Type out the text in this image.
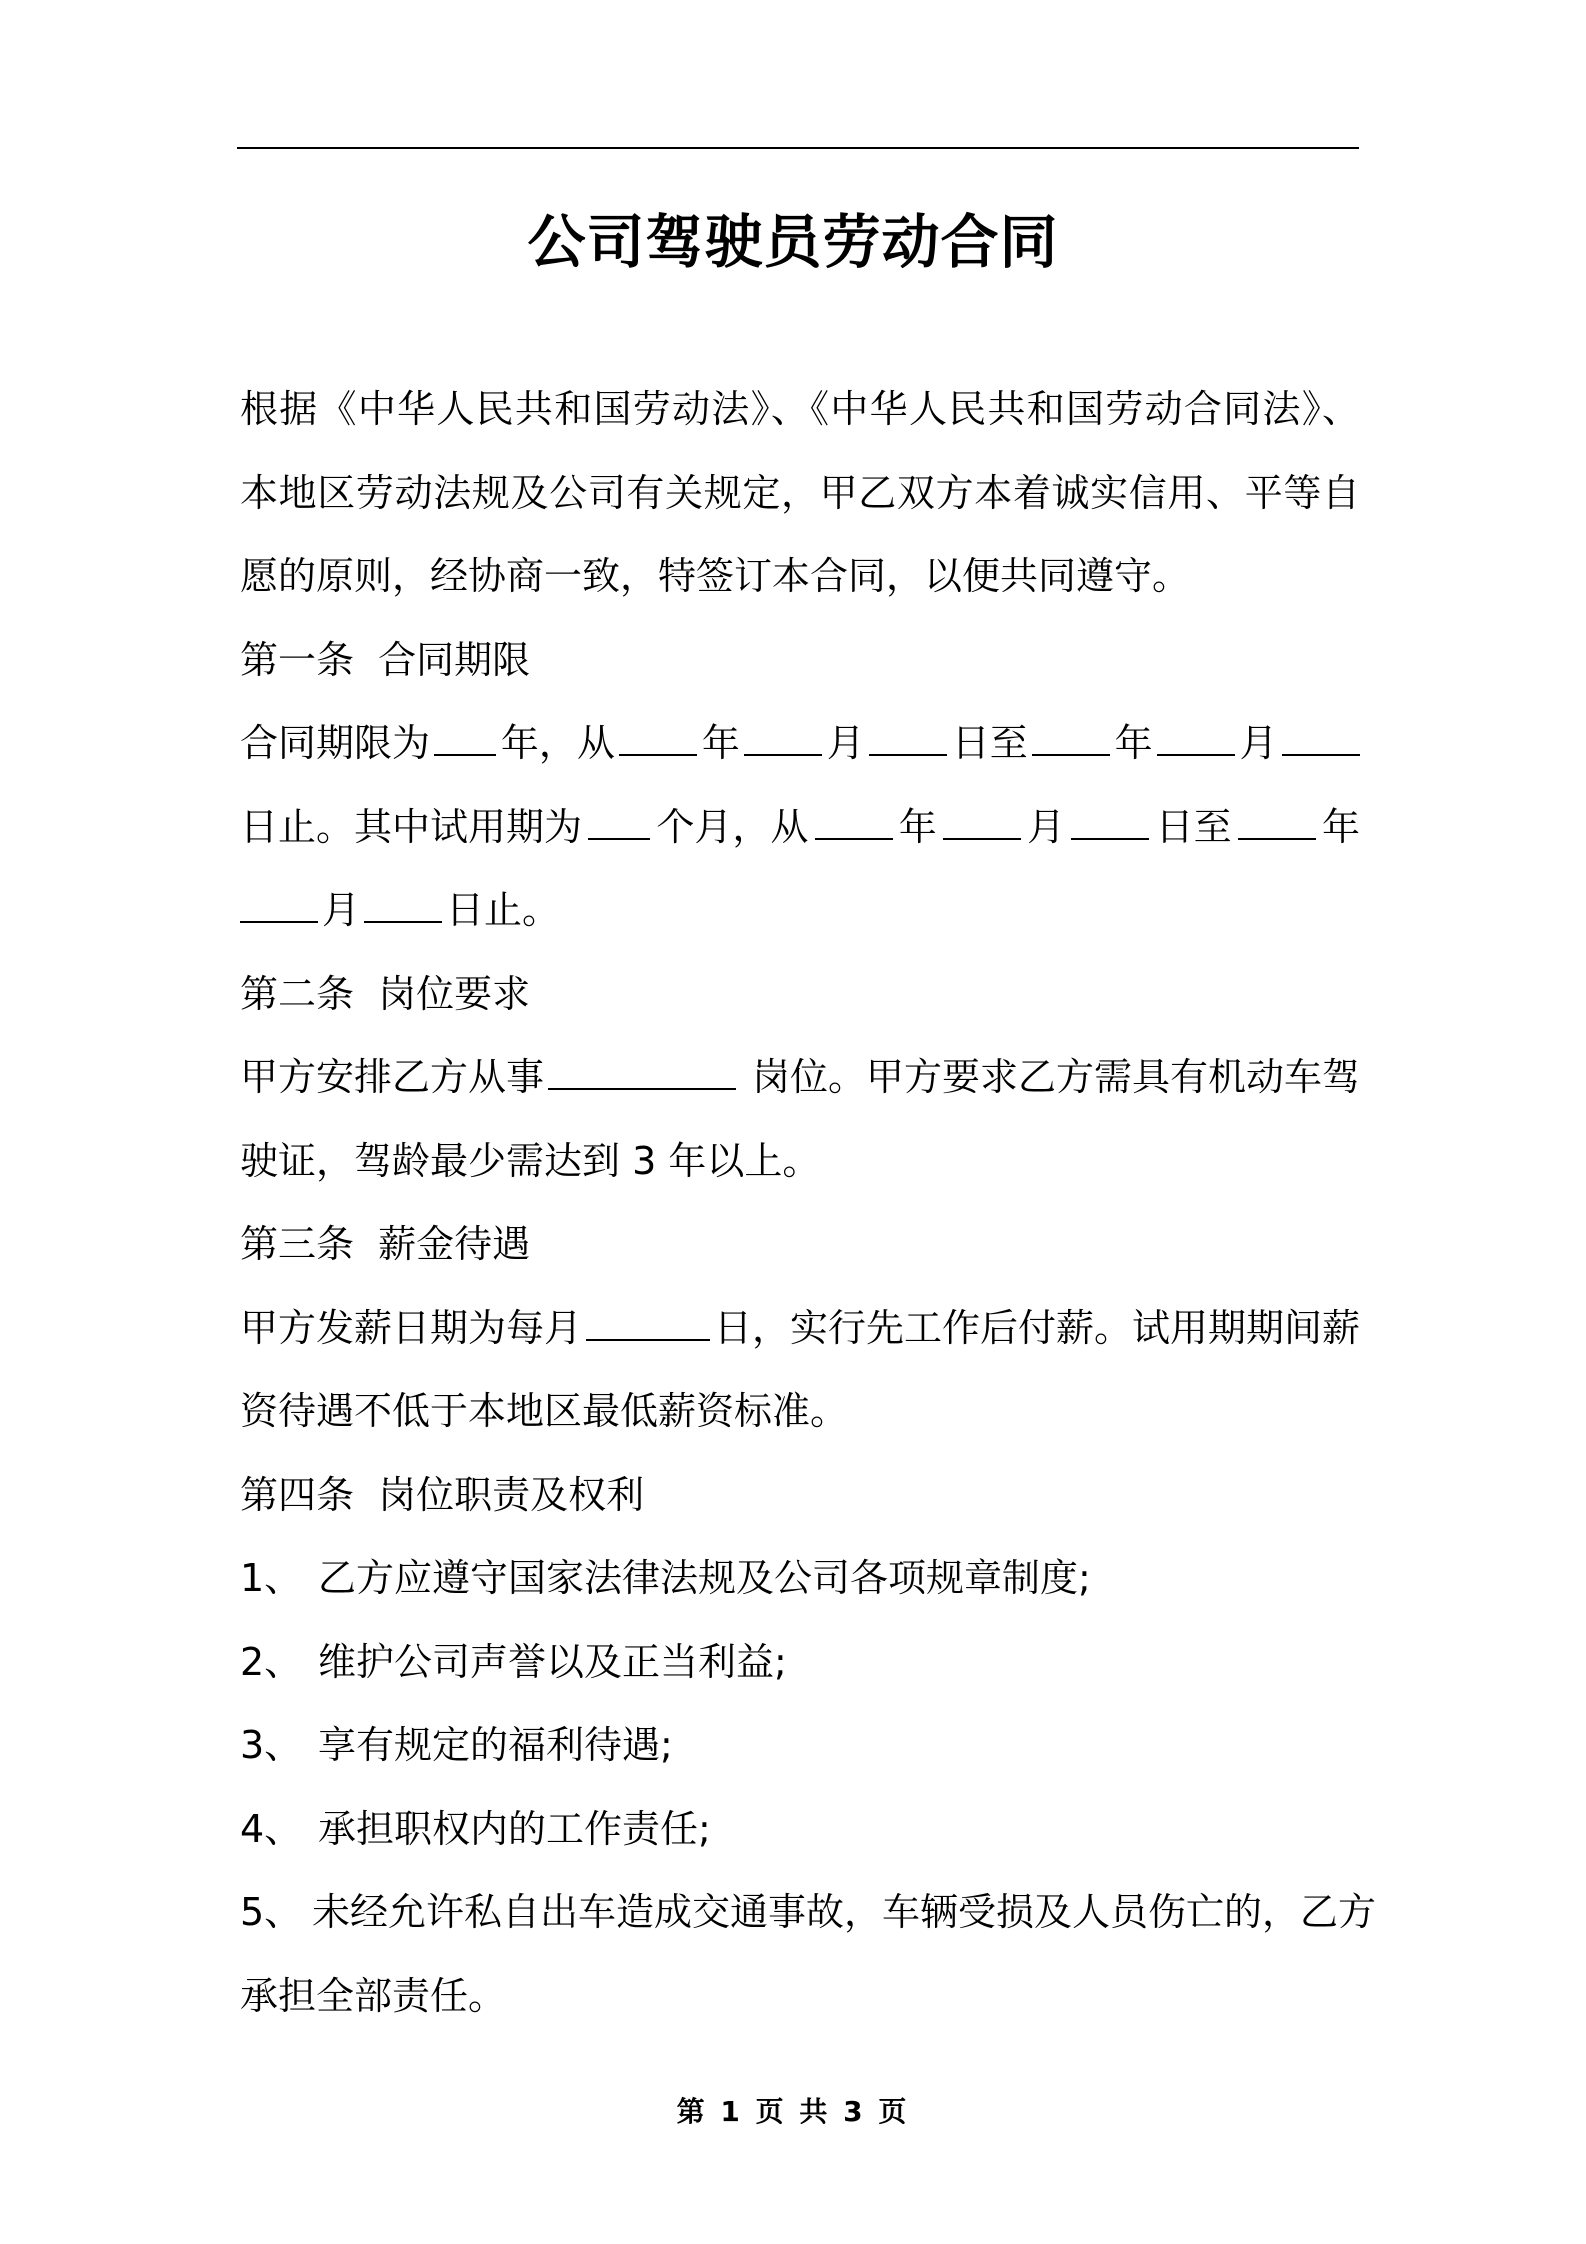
公司驾驶员劳动合同

根据《中华人民共和国劳动法》、《中华人民共和国劳动合同法》、本地区劳动法规及公司有关规定，甲乙双方本着诚实信用、平等自愿的原则，经协商一致，特签订本合同，以便共同遵守。

第一条  合同期限

合同期限为 年，从 年 月 日至 年 月
日止。其中试用期为 个月，从 年 月 日至 年
月 日止。

第二条  岗位要求

甲方安排乙方从事	岗位。甲方要求乙方需具有机动车驾

驶证，驾龄最少需达到 3 年以上。

第三条  薪金待遇

甲方发薪日期为每月	日，实行先工作后付薪。试用期期间薪

资待遇不低于本地区最低薪资标准。

第四条  岗位职责及权利

1、 乙方应遵守国家法律法规及公司各项规章制度;

2、 维护公司声誉以及正当利益;

3、 享有规定的福利待遇;

4、 承担职权内的工作责任;

5、 未经允许私自出车造成交通事故，车辆受损及人员伤亡的，乙方

承担全部责任。

第 1 页 共 3 页
